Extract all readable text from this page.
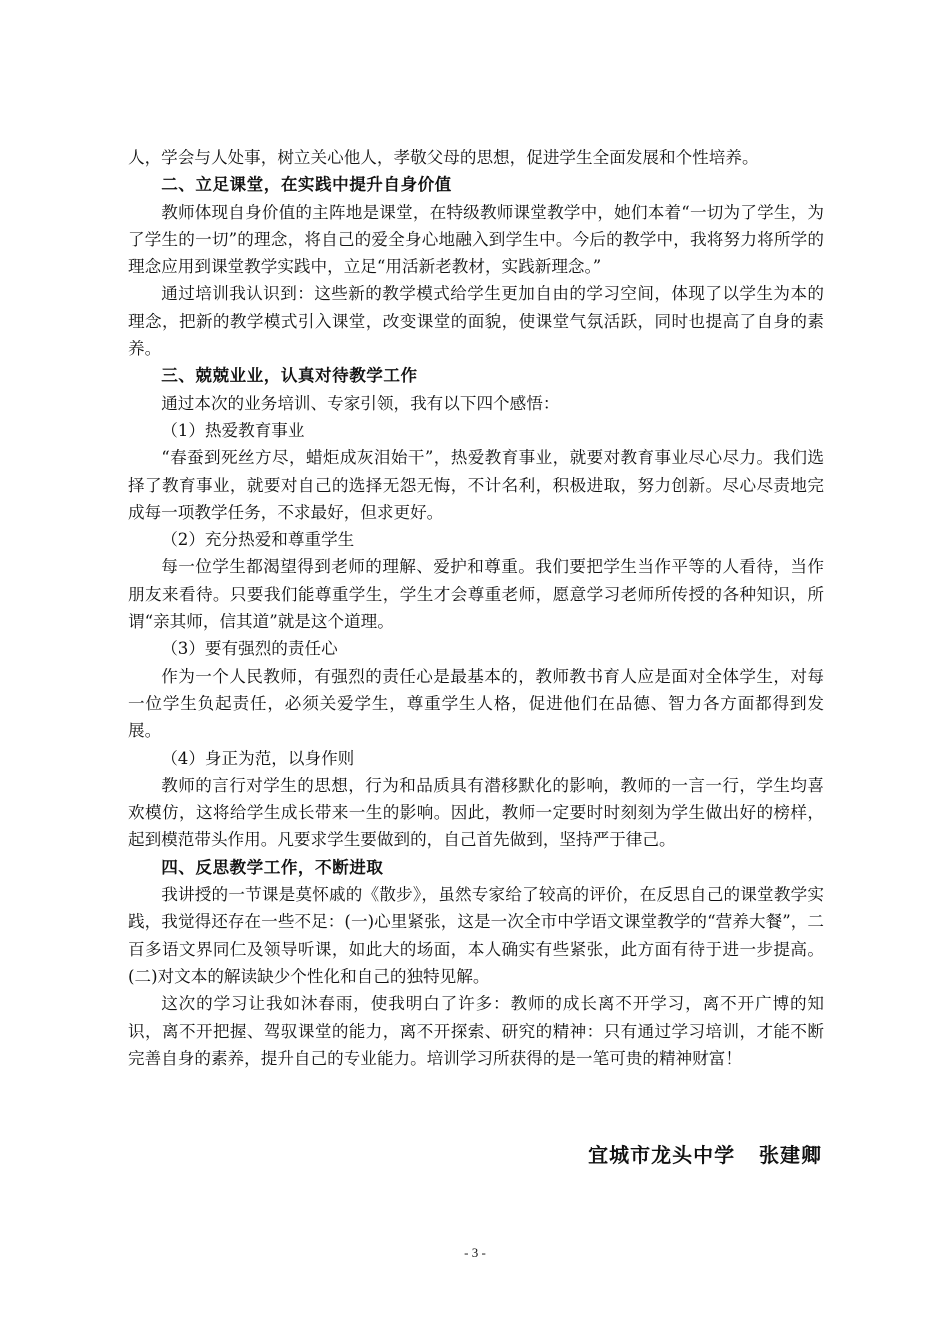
人，学会与人处事，树立关心他人，孝敬父母的思想，促进学生全面发展和个性培养。

二、立足课堂，在实践中提升自身价值

教师体现自身价值的主阵地是课堂，在特级教师课堂教学中，她们本着“一切为了学生，为了学生的一切”的理念，将自己的爱全身心地融入到学生中。今后的教学中，我将努力将所学的理念应用到课堂教学实践中，立足“用活新老教材，实践新理念。”

通过培训我认识到：这些新的教学模式给学生更加自由的学习空间，体现了以学生为本的理念，把新的教学模式引入课堂，改变课堂的面貌，使课堂气氛活跃，同时也提高了自身的素养。

三、兢兢业业，认真对待教学工作

通过本次的业务培训、专家引领，我有以下四个感悟：

（1）热爱教育事业

“春蚕到死丝方尽，蜡炬成灰泪始干”，热爱教育事业，就要对教育事业尽心尽力。我们选择了教育事业，就要对自己的选择无怨无悔，不计名利，积极进取，努力创新。尽心尽责地完成每一项教学任务，不求最好，但求更好。

（2）充分热爱和尊重学生

每一位学生都渴望得到老师的理解、爱护和尊重。我们要把学生当作平等的人看待，当作朋友来看待。只要我们能尊重学生，学生才会尊重老师，愿意学习老师所传授的各种知识，所谓“亲其师，信其道”就是这个道理。

（3）要有强烈的责任心

作为一个人民教师，有强烈的责任心是最基本的，教师教书育人应是面对全体学生，对每一位学生负起责任，必须关爱学生，尊重学生人格，促进他们在品德、智力各方面都得到发展。

（4）身正为范，以身作则

教师的言行对学生的思想，行为和品质具有潜移默化的影响，教师的一言一行，学生均喜欢模仿，这将给学生成长带来一生的影响。因此，教师一定要时时刻刻为学生做出好的榜样，起到模范带头作用。凡要求学生要做到的，自己首先做到，坚持严于律己。

四、反思教学工作，不断进取

我讲授的一节课是莫怀戚的《散步》，虽然专家给了较高的评价，在反思自己的课堂教学实践，我觉得还存在一些不足：(一)心里紧张，这是一次全市中学语文课堂教学的“营养大餐”，二百多语文界同仁及领导听课，如此大的场面，本人确实有些紧张，此方面有待于进一步提高。(二)对文本的解读缺少个性化和自己的独特见解。

这次的学习让我如沐春雨，使我明白了许多：教师的成长离不开学习，离不开广博的知识，离不开把握、驾驭课堂的能力，离不开探索、研究的精神：只有通过学习培训，才能不断完善自身的素养，提升自己的专业能力。培训学习所获得的是一笔可贵的精神财富！

宜城市龙头中学   张建卿
- 3 -
